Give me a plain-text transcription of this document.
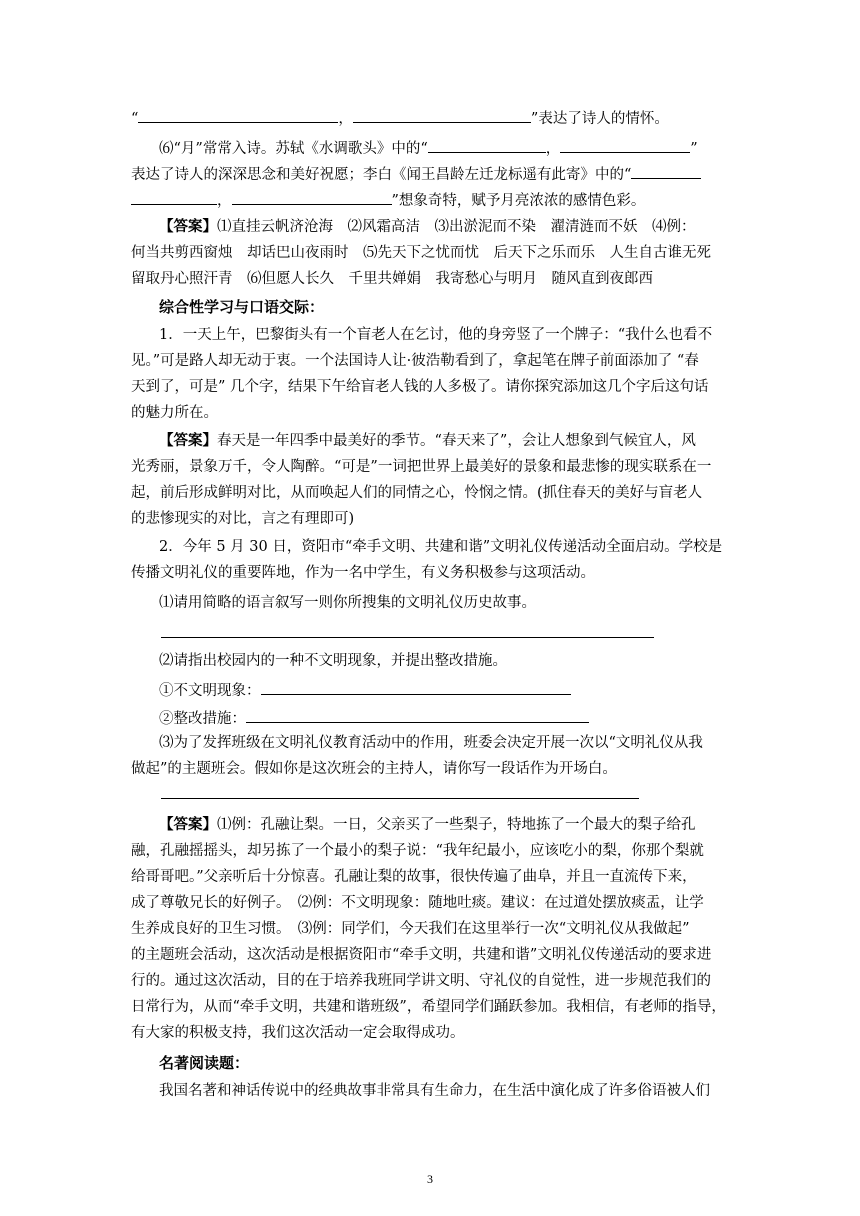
“	，	”表达了诗人的情怀。
⑹“月”常常入诗。苏轼《水调歌头》中的“	，	”
表达了诗人的深深思念和美好祝愿；李白《闻王昌龄左迁龙标遥有此寄》中的“
，	”想象奇特，赋予月亮浓浓的感情色彩。
【答案】⑴直挂云帆济沧海　⑵风霜高洁　⑶出淤泥而不染　濯清涟而不妖　⑷例：
何当共剪西窗烛　却话巴山夜雨时　⑸先天下之忧而忧　后天下之乐而乐　人生自古谁无死
留取丹心照汗青　⑹但愿人长久　千里共婵娟　我寄愁心与明月　随风直到夜郎西
综合性学习与口语交际：
1．一天上午，巴黎街头有一个盲老人在乞讨，他的身旁竖了一个牌子：“我什么也看不
见。”可是路人却无动于衷。一个法国诗人让·彼浩勒看到了，拿起笔在牌子前面添加了 “春
天到了，可是” 几个字，结果下午给盲老人钱的人多极了。请你探究添加这几个字后这句话
的魅力所在。
【答案】春天是一年四季中最美好的季节。“春天来了”，会让人想象到气候宜人，风
光秀丽，景象万千，令人陶醉。“可是”一词把世界上最美好的景象和最悲惨的现实联系在一
起，前后形成鲜明对比，从而唤起人们的同情之心，怜悯之情。(抓住春天的美好与盲老人
的悲惨现实的对比，言之有理即可)
2．今年 5 月 30 日，资阳市“牵手文明、共建和谐”文明礼仪传递活动全面启动。学校是
传播文明礼仪的重要阵地，作为一名中学生，有义务积极参与这项活动。
⑴请用简略的语言叙写一则你所搜集的文明礼仪历史故事。
⑵请指出校园内的一种不文明现象，并提出整改措施。
①不文明现象：
②整改措施：
⑶为了发挥班级在文明礼仪教育活动中的作用，班委会决定开展一次以“文明礼仪从我
做起”的主题班会。假如你是这次班会的主持人，请你写一段话作为开场白。
【答案】⑴例：孔融让梨。一日，父亲买了一些梨子，特地拣了一个最大的梨子给孔
融，孔融摇摇头，却另拣了一个最小的梨子说：“我年纪最小，应该吃小的梨，你那个梨就
给哥哥吧。”父亲听后十分惊喜。孔融让梨的故事，很快传遍了曲阜，并且一直流传下来，
成了尊敬兄长的好例子。　⑵例：不文明现象：随地吐痰。建议：在过道处摆放痰盂，让学
生养成良好的卫生习惯。　⑶例：同学们，今天我们在这里举行一次“文明礼仪从我做起”
的主题班会活动，这次活动是根据资阳市“牵手文明，共建和谐”文明礼仪传递活动的要求进
行的。通过这次活动，目的在于培养我班同学讲文明、守礼仪的自觉性，进一步规范我们的
日常行为，从而“牵手文明，共建和谐班级”，希望同学们踊跃参加。我相信，有老师的指导，
有大家的积极支持，我们这次活动一定会取得成功。
名著阅读题：
我国名著和神话传说中的经典故事非常具有生命力，在生活中演化成了许多俗语被人们
3
